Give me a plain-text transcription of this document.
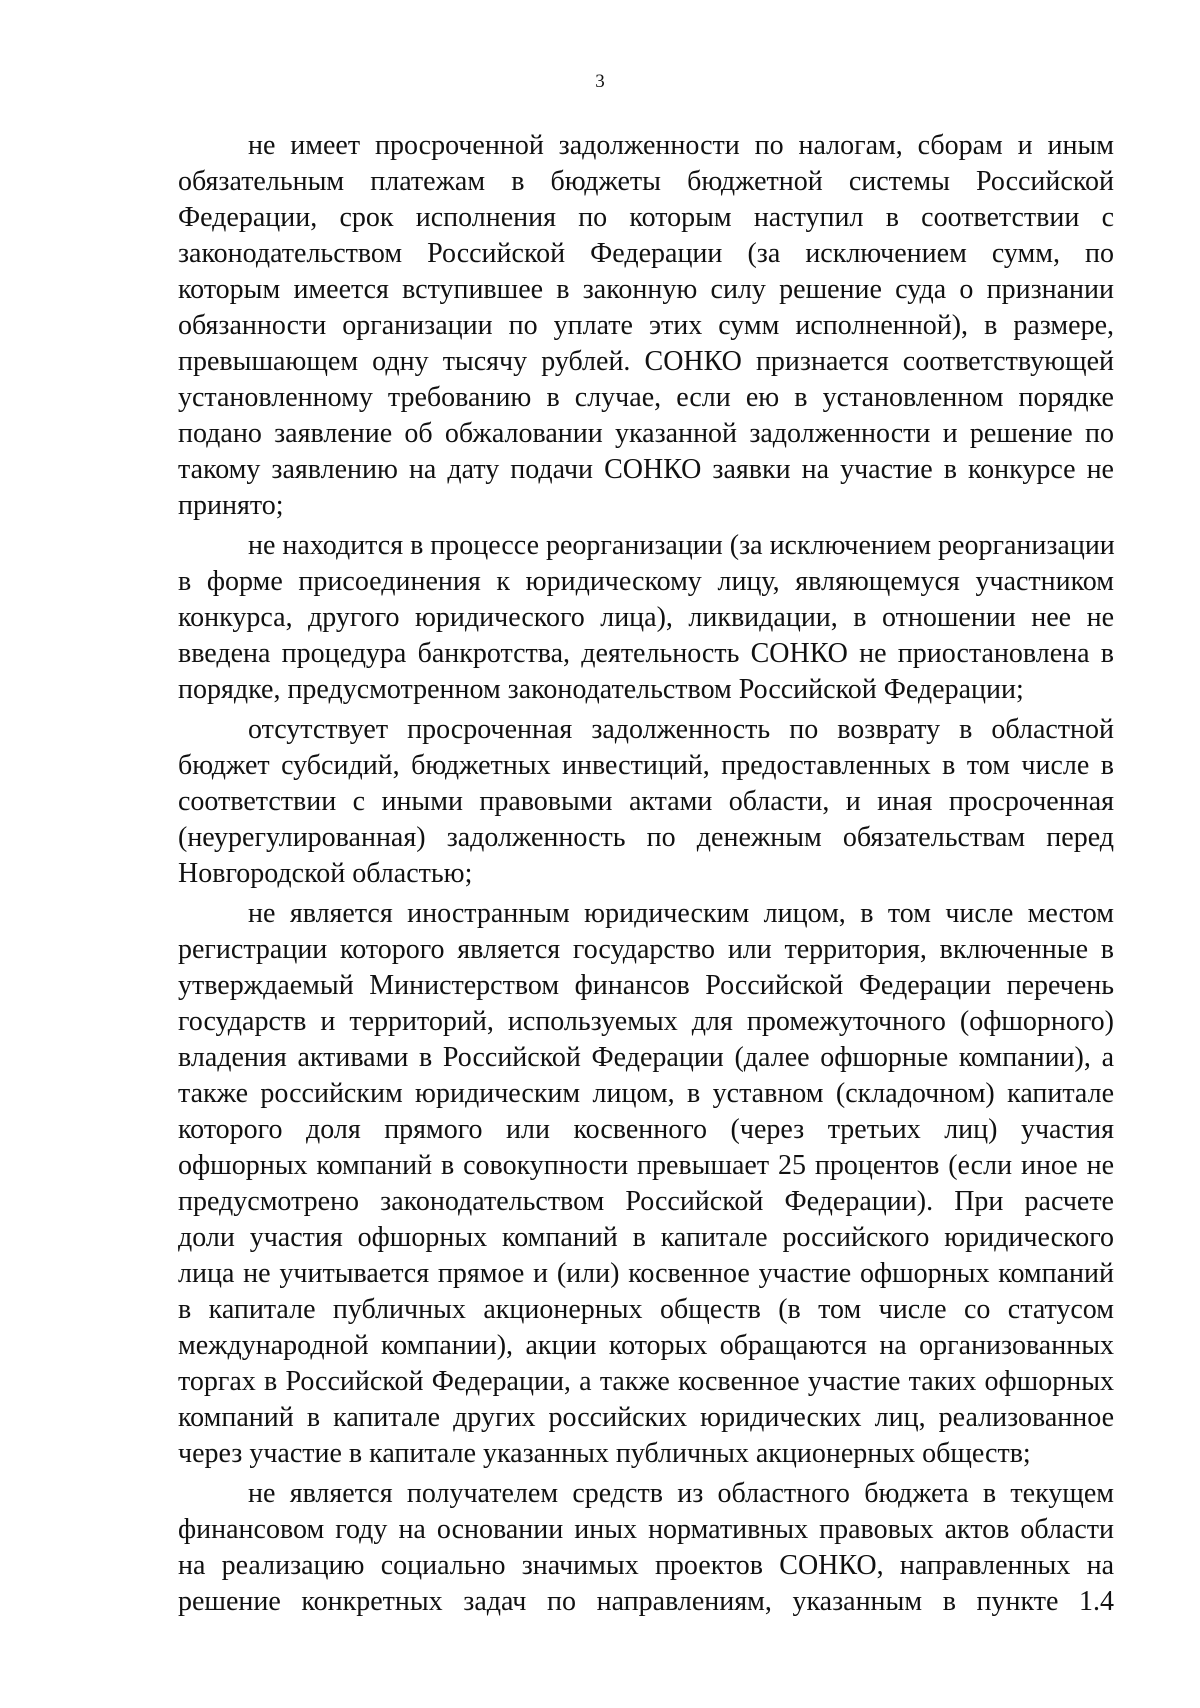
3
не имеет просроченной задолженности по налогам, сборам и иным
обязательным платежам в бюджеты бюджетной системы Российской
Федерации, срок исполнения по которым наступил в соответствии с
законодательством Российской Федерации (за исключением сумм, по
которым имеется вступившее в законную силу решение суда о признании
обязанности организации по уплате этих сумм исполненной), в размере,
превышающем одну тысячу рублей. СОНКО признается соответствующей
установленному требованию в случае, если ею в установленном порядке
подано заявление об обжаловании указанной задолженности и решение по
такому заявлению на дату подачи СОНКО заявки на участие в конкурсе не
принято;
не находится в процессе реорганизации (за исключением реорганизации
в форме присоединения к юридическому лицу, являющемуся участником
конкурса, другого юридического лица), ликвидации, в отношении нее не
введена процедура банкротства, деятельность СОНКО не приостановлена в
порядке, предусмотренном законодательством Российской Федерации;
отсутствует просроченная задолженность по возврату в областной
бюджет субсидий, бюджетных инвестиций, предоставленных в том числе в
соответствии с иными правовыми актами области, и иная просроченная
(неурегулированная) задолженность по денежным обязательствам перед
Новгородской областью;
не является иностранным юридическим лицом, в том числе местом
регистрации которого является государство или территория, включенные в
утверждаемый Министерством финансов Российской Федерации перечень
государств и территорий, используемых для промежуточного (офшорного)
владения активами в Российской Федерации (далее офшорные компании), а
также российским юридическим лицом, в уставном (складочном) капитале
которого доля прямого или косвенного (через третьих лиц) участия
офшорных компаний в совокупности превышает 25 процентов (если иное не
предусмотрено законодательством Российской Федерации). При расчете
доли участия офшорных компаний в капитале российского юридического
лица не учитывается прямое и (или) косвенное участие офшорных компаний
в капитале публичных акционерных обществ (в том числе со статусом
международной компании), акции которых обращаются на организованных
торгах в Российской Федерации, а также косвенное участие таких офшорных
компаний в капитале других российских юридических лиц, реализованное
через участие в капитале указанных публичных акционерных обществ;
не является получателем средств из областного бюджета в текущем
финансовом году на основании иных нормативных правовых актов области
на реализацию социально значимых проектов СОНКО, направленных на
решение конкретных задач по направлениям, указанным в пункте 1.4
